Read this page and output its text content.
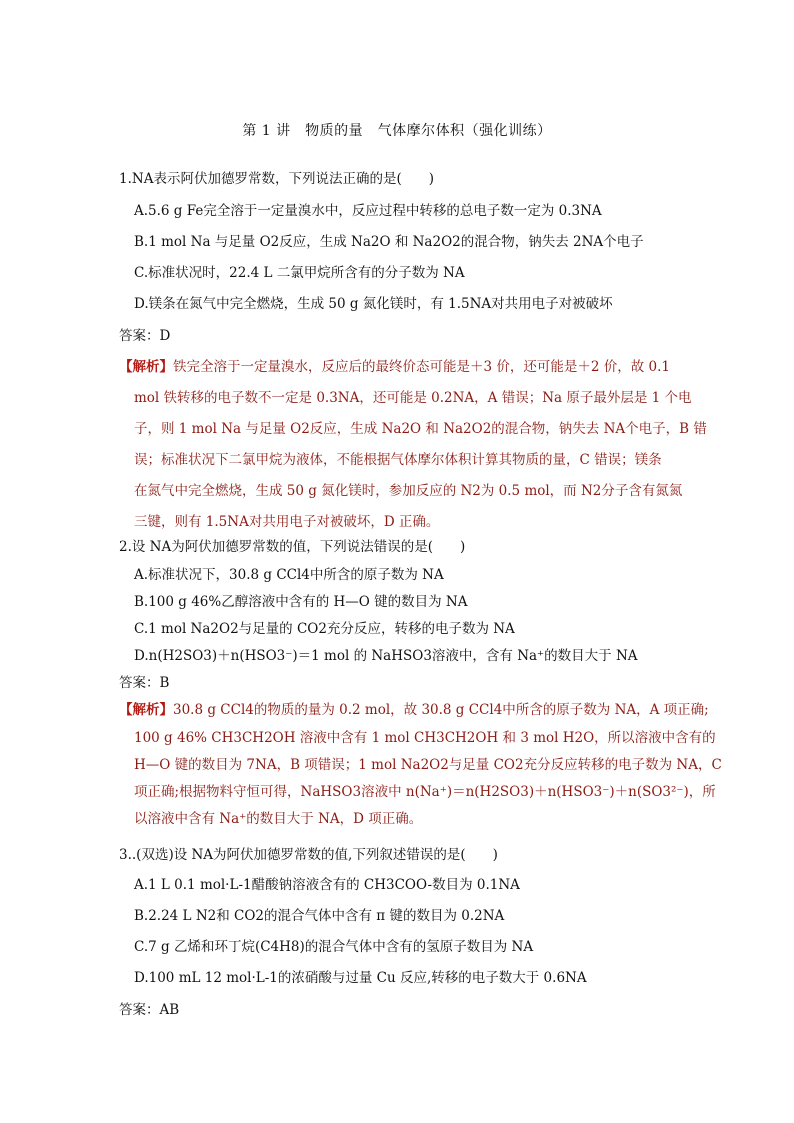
第 1 讲　物质的量　气体摩尔体积（强化训练）
1.NA表示阿伏加德罗常数，下列说法正确的是(　　)
A.5.6 g Fe完全溶于一定量溴水中，反应过程中转移的总电子数一定为 0.3NA
B.1 mol Na 与足量 O2反应，生成 Na2O 和 Na2O2的混合物，钠失去 2NA个电子
C.标准状况时，22.4 L 二氯甲烷所含有的分子数为 NA
D.镁条在氮气中完全燃烧，生成 50 g 氮化镁时，有 1.5NA对共用电子对被破坏
答案：D
【解析】铁完全溶于一定量溴水，反应后的最终价态可能是＋3 价，还可能是＋2 价，故 0.1
mol 铁转移的电子数不一定是 0.3NA，还可能是 0.2NA，A 错误；Na 原子最外层是 1 个电
子，则 1 mol Na 与足量 O2反应，生成 Na2O 和 Na2O2的混合物，钠失去 NA个电子，B 错
误；标准状况下二氯甲烷为液体，不能根据气体摩尔体积计算其物质的量，C 错误；镁条
在氮气中完全燃烧，生成 50 g 氮化镁时，参加反应的 N2为 0.5 mol，而 N2分子含有氮氮
三键，则有 1.5NA对共用电子对被破坏，D 正确。
2.设 NA为阿伏加德罗常数的值，下列说法错误的是(　　)
A.标准状况下，30.8 g CCl4中所含的原子数为 NA
B.100 g 46%乙醇溶液中含有的 H—O 键的数目为 NA
C.1 mol Na2O2与足量的 CO2充分反应，转移的电子数为 NA
D.n(H2SO3)＋n(HSO3⁻)＝1 mol 的 NaHSO3溶液中，含有 Na⁺的数目大于 NA
答案：B
【解析】30.8 g CCl4的物质的量为 0.2 mol，故 30.8 g CCl4中所含的原子数为 NA，A 项正确;
100 g 46% CH3CH2OH 溶液中含有 1 mol CH3CH2OH 和 3 mol H2O，所以溶液中含有的
H—O 键的数目为 7NA，B 项错误；1 mol Na2O2与足量 CO2充分反应转移的电子数为 NA，C
项正确;根据物料守恒可得，NaHSO3溶液中 n(Na⁺)＝n(H2SO3)＋n(HSO3⁻)＋n(SO3²⁻)，所
以溶液中含有 Na⁺的数目大于 NA，D 项正确。
3..(双选)设 NA为阿伏加德罗常数的值,下列叙述错误的是(　　)
A.1 L 0.1 mol·L-1醋酸钠溶液含有的 CH3COO-数目为 0.1NA
B.2.24 L N2和 CO2的混合气体中含有 π 键的数目为 0.2NA
C.7 g 乙烯和环丁烷(C4H8)的混合气体中含有的氢原子数目为 NA
D.100 mL 12 mol·L-1的浓硝酸与过量 Cu 反应,转移的电子数大于 0.6NA
答案：AB
